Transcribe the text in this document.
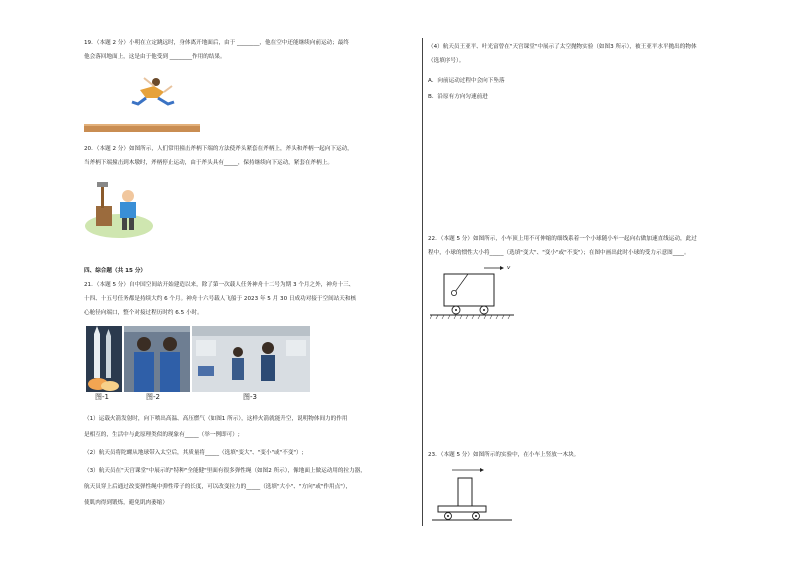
19．（本题 2 分）小明在立定跳远时，身体离开地面后，由于 ________，他在空中还能继续向前运动；最终
他会落回地面上，这是由于他受到 ________作用的结果。
20．（本题 2 分）如图所示，人们常用撞击斧柄下端的方法使斧头紧套在斧柄上，斧头和斧柄一起向下运动，
当斧柄下端撞击到木墩时，斧柄停止运动，由于斧头具有_____，保持继续向下运动，紧套在斧柄上。
四、综合题（共 15 分）
21．（本题 5 分）自中国空间站开始建造以来，除了第一次载人任务神舟十二号为期 3 个月之外，神舟十三、
十四、十五号任务都是持续大约 6 个月。神舟十六号载人飞船于 2023 年 5 月 30 日成功对接于空间站天和核
心舱径向端口，整个对接过程历时约 6.5 小时。
图-1	图-2	图-3
（1）运载火箭发射时，向下喷出高温、高压燃气（如图1 所示），这样火箭就能升空，说明物体间力的作用
是相互的，生活中与此原理类似的现象有_____（举一例即可）;
（2）航天员将陀螺从地球带入太空后，其质量将_____（选填"变大"、"变小"或"不变"）;
（3）航天员在"天宫课堂"中展示的"特种"全能健"里面有很多弹性绳（如图2 所示），像地面上做运动用的拉力器，
航天员穿上后通过改变弹性绳中弹性带子的长度，可以改变拉力的_____（选填"大小"、"方向"或"作用点"），
使肌肉得到锻炼，避免肌肉萎缩）
（4）航天员王亚平、叶光富曾在"天宫课堂"中展示了太空抛物实验（如图3 所示），被王亚平水平抛出的物体
（选填序号）。
A．向前运动过程中会向下坠落
B．沿原有方向匀速前进
22．（本题 5 分）如图所示，小车顶上用不可伸缩的细线系着一个小球随小车一起向右做加速直线运动，此过
程中，小球的惯性大小将_____（选填"变大"、"变小"或"不变"）；在图中画出此时小球的受力示意图____。
v
23．（本题 5 分）如图所示的实验中，在小车上竖放一木块。
